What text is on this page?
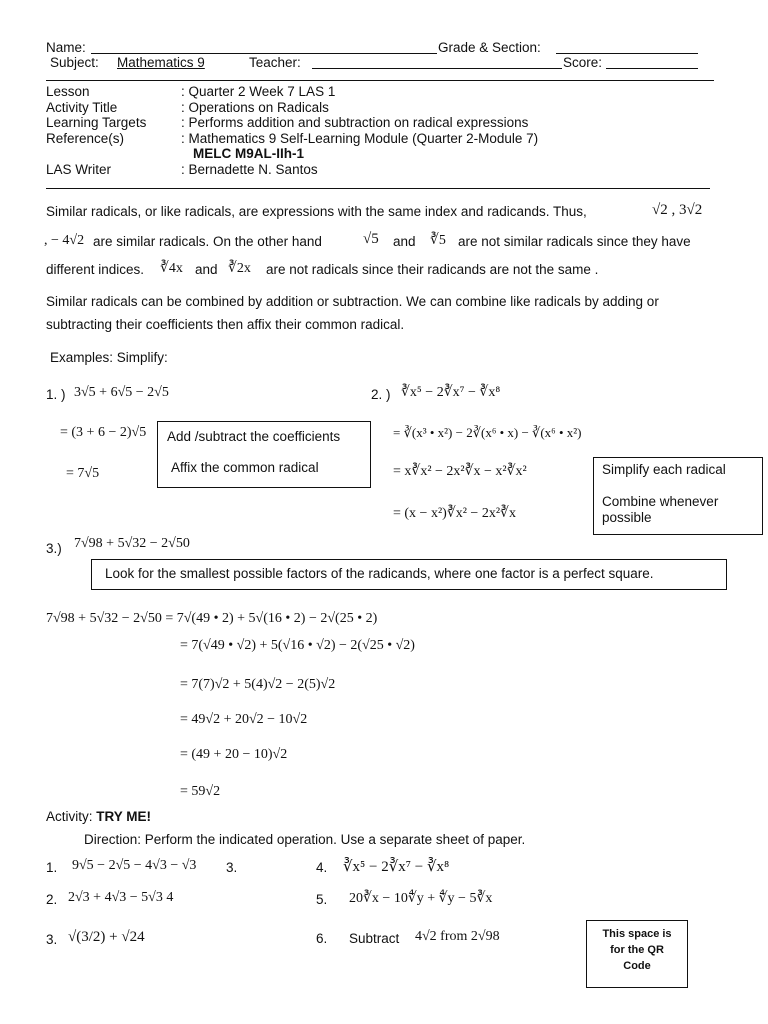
Name:	Grade & Section:
Subject: Mathematics 9	Teacher:	Score:
Lesson	: Quarter 2 Week 7 LAS 1
Activity Title	: Operations on Radicals
Learning Targets	: Performs addition and subtraction on radical expressions
Reference(s)	: Mathematics 9 Self-Learning Module (Quarter 2-Module 7)
MELC M9AL-IIh-1
LAS Writer	: Bernadette N. Santos
Similar radicals, or like radicals, are expressions with the same index and radicands. Thus,	√2 , 3√2
, − 4√2 are similar radicals. On the other hand	√5 and ∛5 are not similar radicals since they have
different indices. ∛4x and ∛2x are not radicals since their radicands are not the same .
Similar radicals can be combined by addition or subtraction. We can combine like radicals by adding or
subtracting their coefficients then affix their common radical.
Examples: Simplify:
1. ) 3√5 + 6√5 − 2√5
= (3 + 6 − 2)√5
= 7√5
Add /subtract the coefficients
Affix the common radical
2. ) ∛x⁵ − 2∛x⁷ − ∛x⁸
= ∛(x³ • x²) − 2∛(x⁶ • x) − ∛(x⁶ • x²)
= x∛x² − 2x²∛x − x²∛x²
= (x − x²)∛x² − 2x²∛x
Simplify each radical
Combine whenever
possible
3.) 7√98 + 5√32 − 2√50
Look for the smallest possible factors of the radicands, where one factor is a perfect square.
7√98 + 5√32 − 2√50 = 7√(49 • 2) + 5√(16 • 2) − 2√(25 • 2)
= 7(√49 • √2) + 5(√16 • √2) − 2(√25 • √2)
= 7(7)√2 + 5(4)√2 − 2(5)√2
= 49√2 + 20√2 − 10√2
= (49 + 20 − 10)√2
= 59√2
Activity: TRY ME!
Direction: Perform the indicated operation. Use a separate sheet of paper.
1. 9√5 − 2√5 − 4√3 − √3 3.
2. 2√3 + 4√3 − 5√3 4
3. √(3/2) + √24
4. ∛x⁵ − 2∛x⁷ − ∛x⁸
5. 20∛x − 10∜y + ∜y − 5∛x
6. Subtract 4√2 from 2√98	This space is
for the QR
Code
